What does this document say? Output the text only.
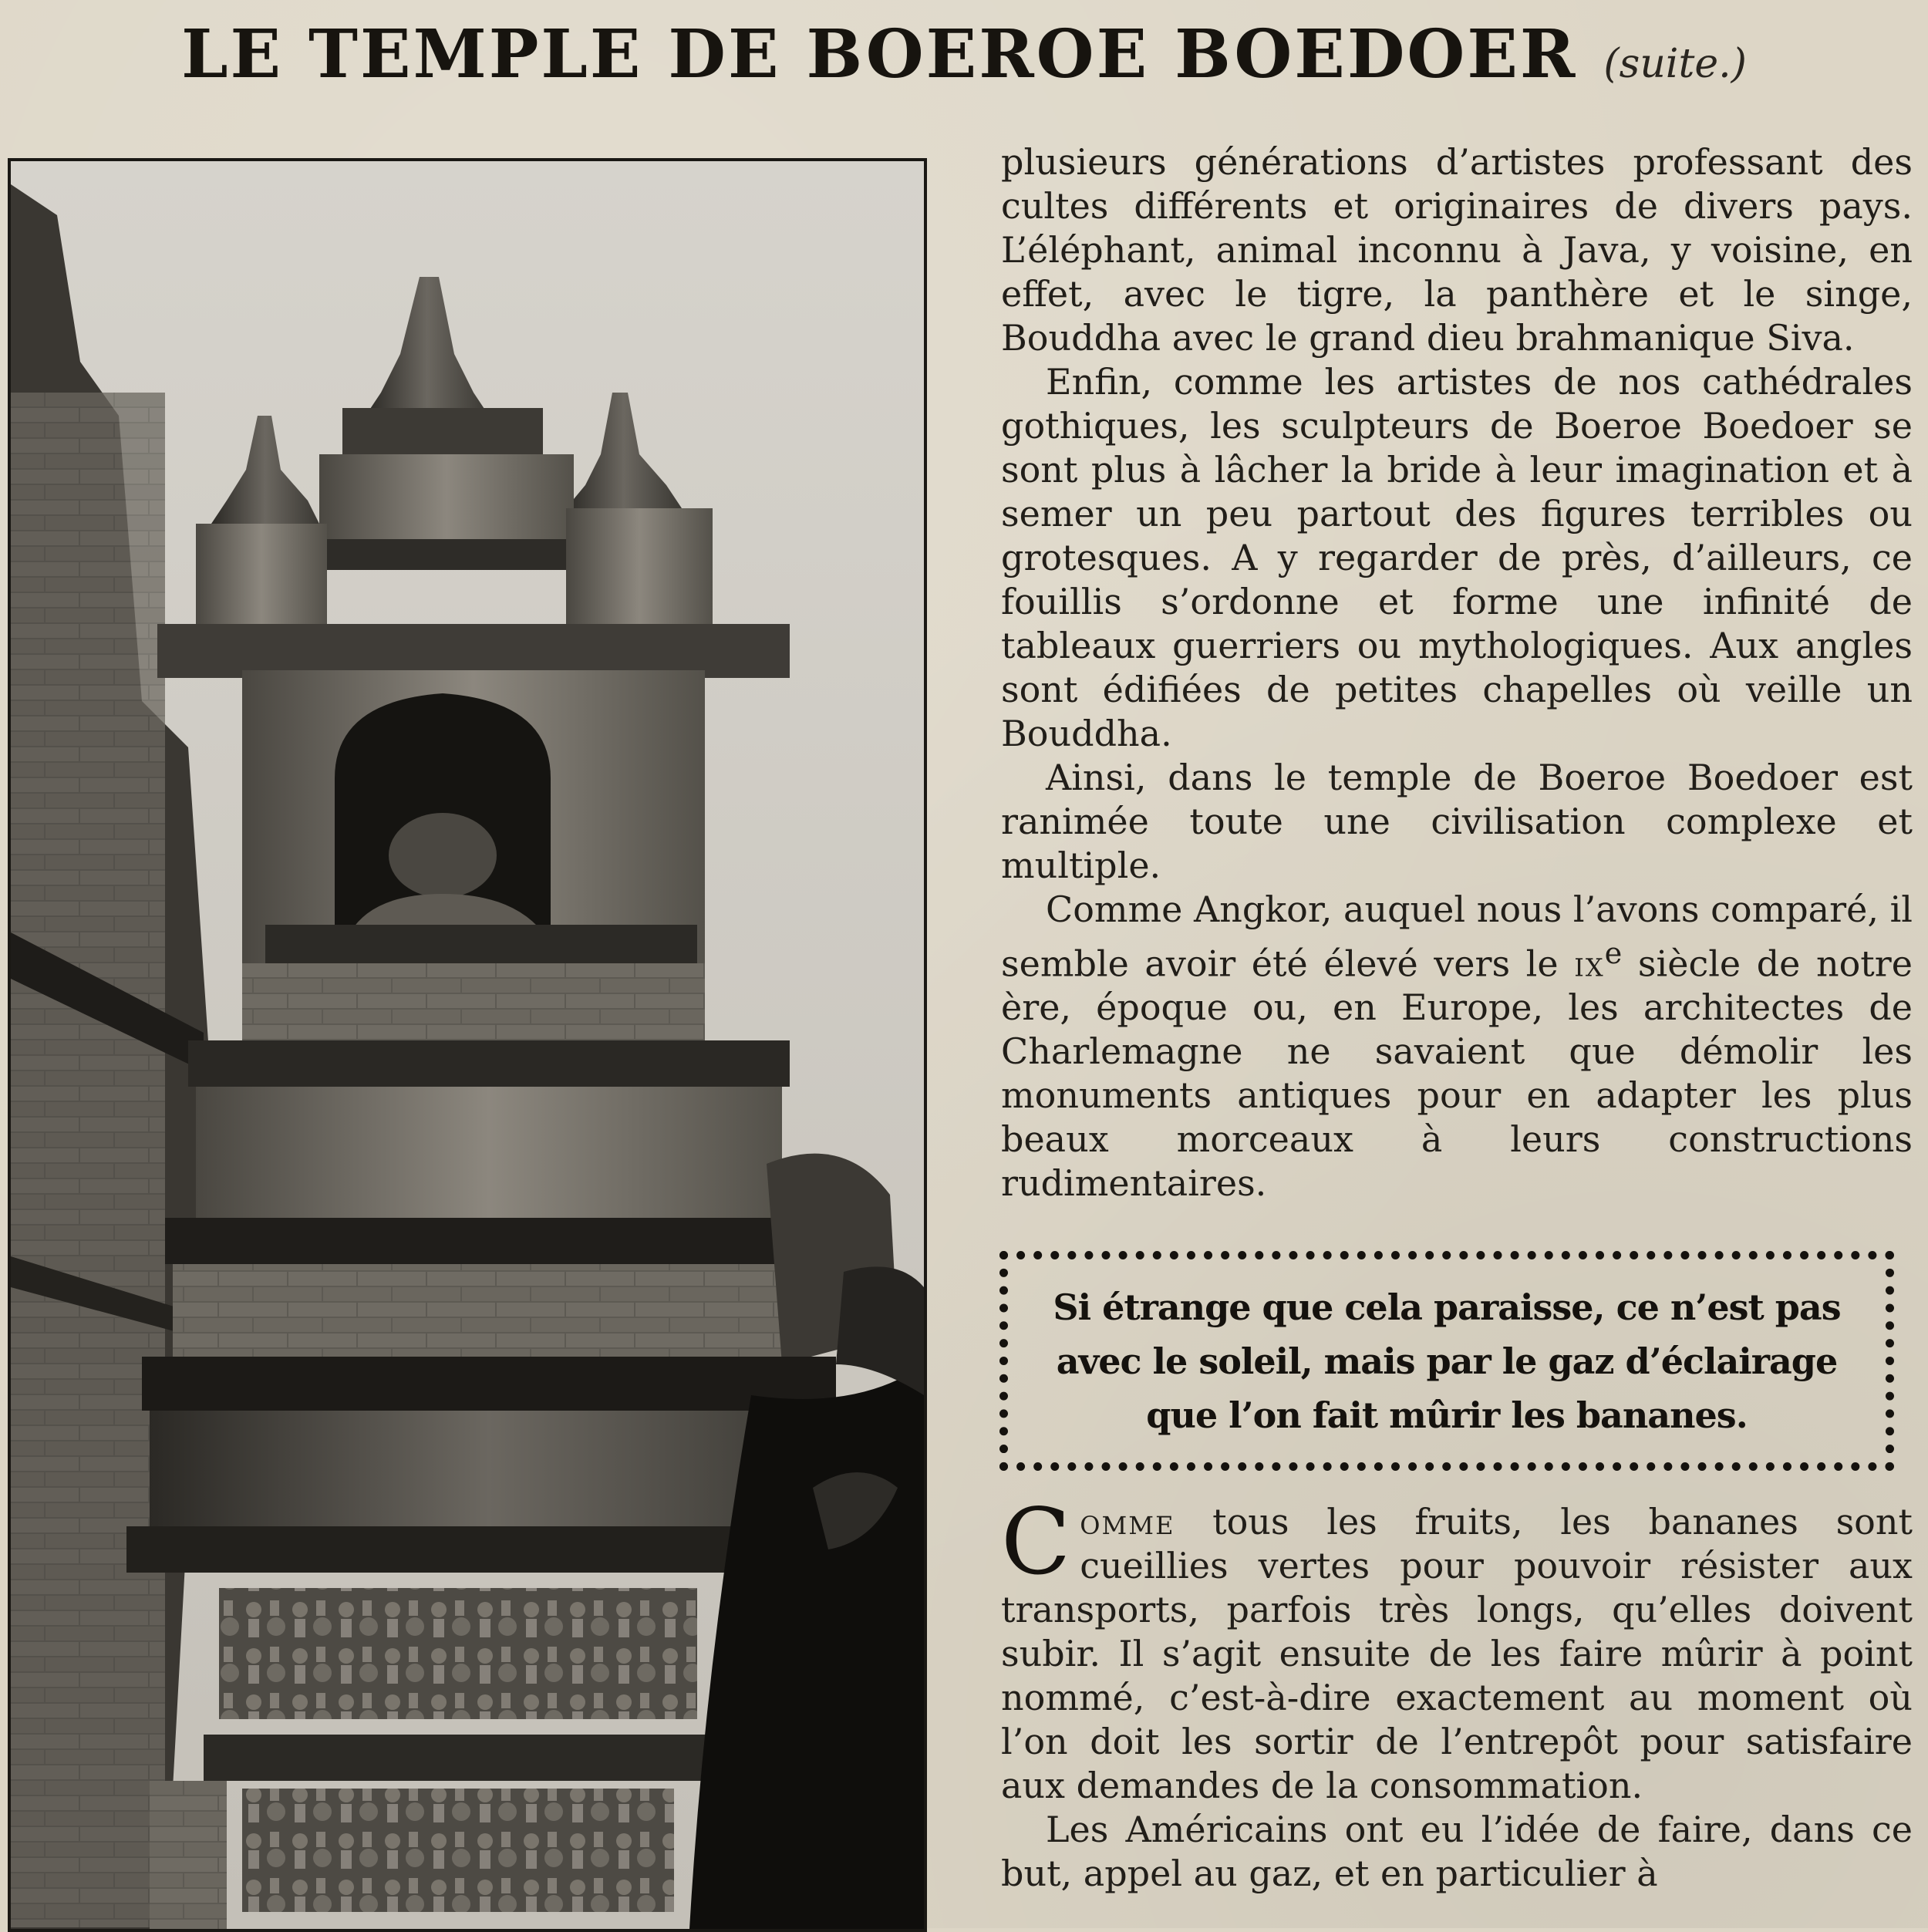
LE TEMPLE DE BOEROE BOEDOER (suite.)

plusieurs générations d’artistes professant des cultes différents et originaires de divers pays. L’éléphant, animal inconnu à Java, y voisine, en effet, avec le tigre, la panthère et le singe, Bouddha avec le grand dieu brahmanique Siva.

Enfin, comme les artistes de nos cathédrales gothiques, les sculpteurs de Boeroe Boedoer se sont plus à lâcher la bride à leur imagination et à semer un peu partout des figures terribles ou grotesques. A y regarder de près, d’ailleurs, ce fouillis s’ordonne et forme une infinité de tableaux guerriers ou mythologiques. Aux angles sont édifiées de petites chapelles où veille un Bouddha.

Ainsi, dans le temple de Boeroe Boedoer est ranimée toute une civilisation complexe et multiple.

Comme Angkor, auquel nous l’avons comparé, il semble avoir été élevé vers le $ix^e$ siècle de notre ère, époque ou, en Europe, les architectes de Charlemagne ne savaient que démolir les monuments antiques pour en adapter les plus beaux morceaux à leurs constructions rudimentaires.

Si étrange que cela paraisse, ce n’est pas avec le soleil, mais par le gaz d’éclairage que l’on fait mûrir les bananes.

Comme tous les fruits, les bananes sont cueillies vertes pour pouvoir résister aux transports, parfois très longs, qu’elles doivent subir. Il s’agit ensuite de les faire mûrir à point nommé, c’est-à-dire exactement au moment où l’on doit les sortir de l’entrepôt pour satisfaire aux demandes de la consommation.

Les Américains ont eu l’idée de faire, dans ce but, appel au gaz, et en particulier à
